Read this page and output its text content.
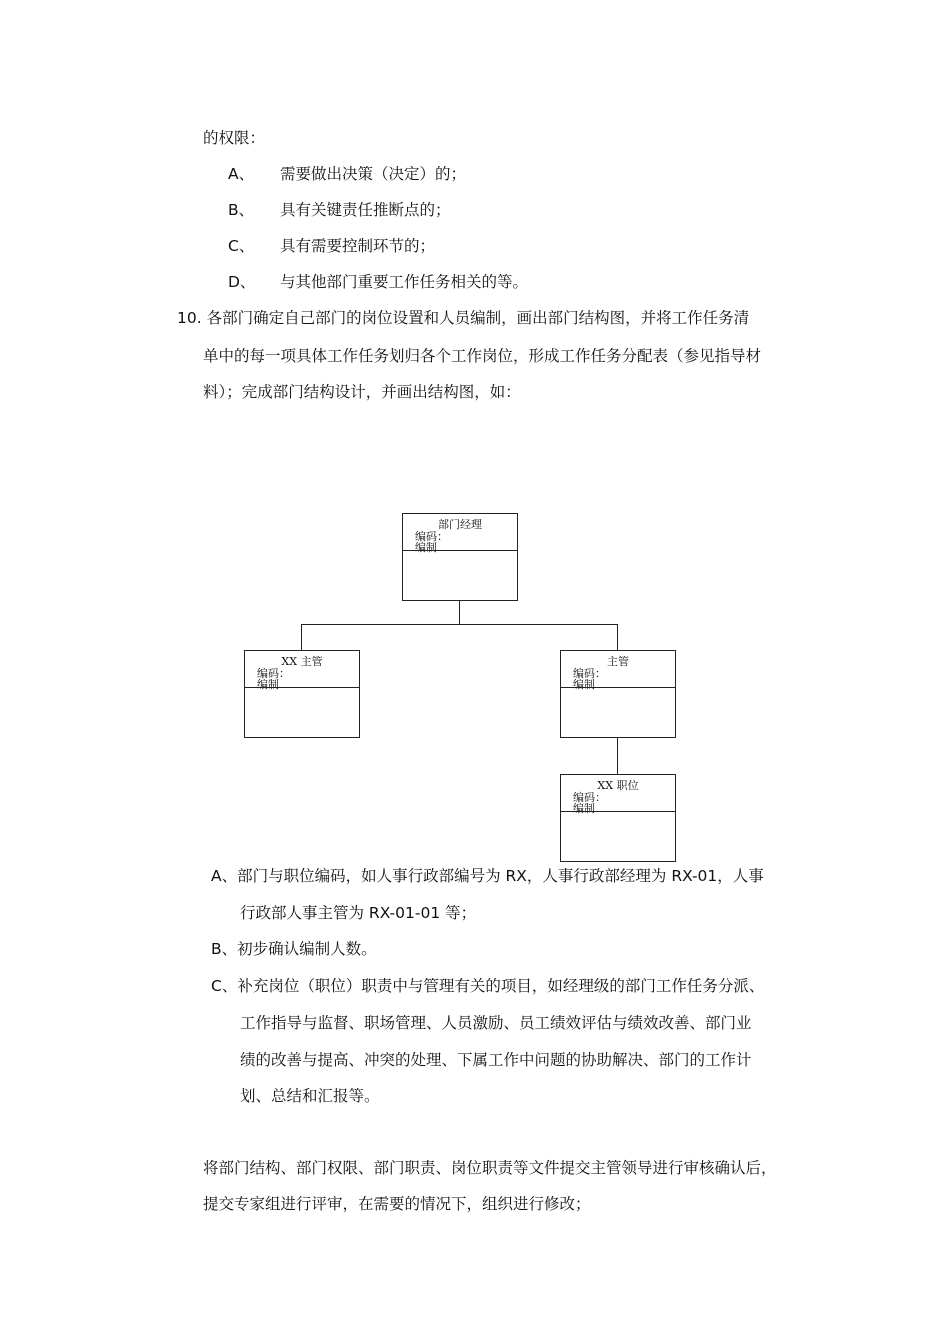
的权限：
A、 需要做出决策（决定）的；
B、 具有关键责任推断点的；
C、 具有需要控制环节的；
D、 与其他部门重要工作任务相关的等。
10. 各部门确定自己部门的岗位设置和人员编制，画出部门结构图，并将工作任务清
单中的每一项具体工作任务划归各个工作岗位，形成工作任务分配表（参见指导材
料）；完成部门结构设计，并画出结构图，如：
部门经理
编码：
编制
XX 主管
编码：
编制
主管
编码：
编制
XX 职位
编码：
编制
A、部门与职位编码，如人事行政部编号为 RX，人事行政部经理为 RX-01，人事
行政部人事主管为 RX-01-01 等；
B、初步确认编制人数。
C、补充岗位（职位）职责中与管理有关的项目，如经理级的部门工作任务分派、
工作指导与监督、职场管理、人员激励、员工绩效评估与绩效改善、部门业
绩的改善与提高、冲突的处理、下属工作中问题的协助解决、部门的工作计
划、总结和汇报等。
将部门结构、部门权限、部门职责、岗位职责等文件提交主管领导进行审核确认后，
提交专家组进行评审，在需要的情况下，组织进行修改；
